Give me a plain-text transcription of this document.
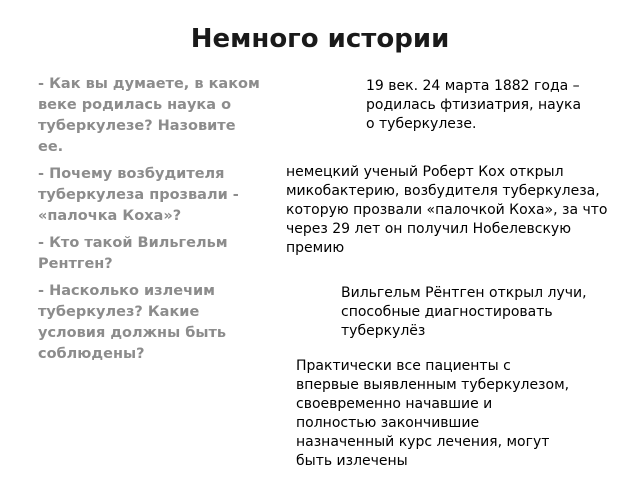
Немного истории
- Как вы думаете, в каком веке родилась наука о туберкулезе? Назовите ее.
- Почему возбудителя туберкулеза прозвали - «палочка Коха»?
- Кто такой Вильгельм Рентген?
- Насколько излечим туберкулез? Какие условия должны быть соблюдены?

19 век. 24 марта 1882 года – родилась фтизиатрия, наука о туберкулезе.

немецкий ученый Роберт Кох открыл микобактерию, возбудителя туберкулеза, которую прозвали «палочкой Коха», за что через 29 лет он получил Нобелевскую премию

Вильгельм Рёнтген открыл лучи, способные диагностировать туберкулёз

Практически все пациенты с впервые выявленным туберкулезом, своевременно начавшие и полностью закончившие назначенный курс лечения, могут быть излечены
